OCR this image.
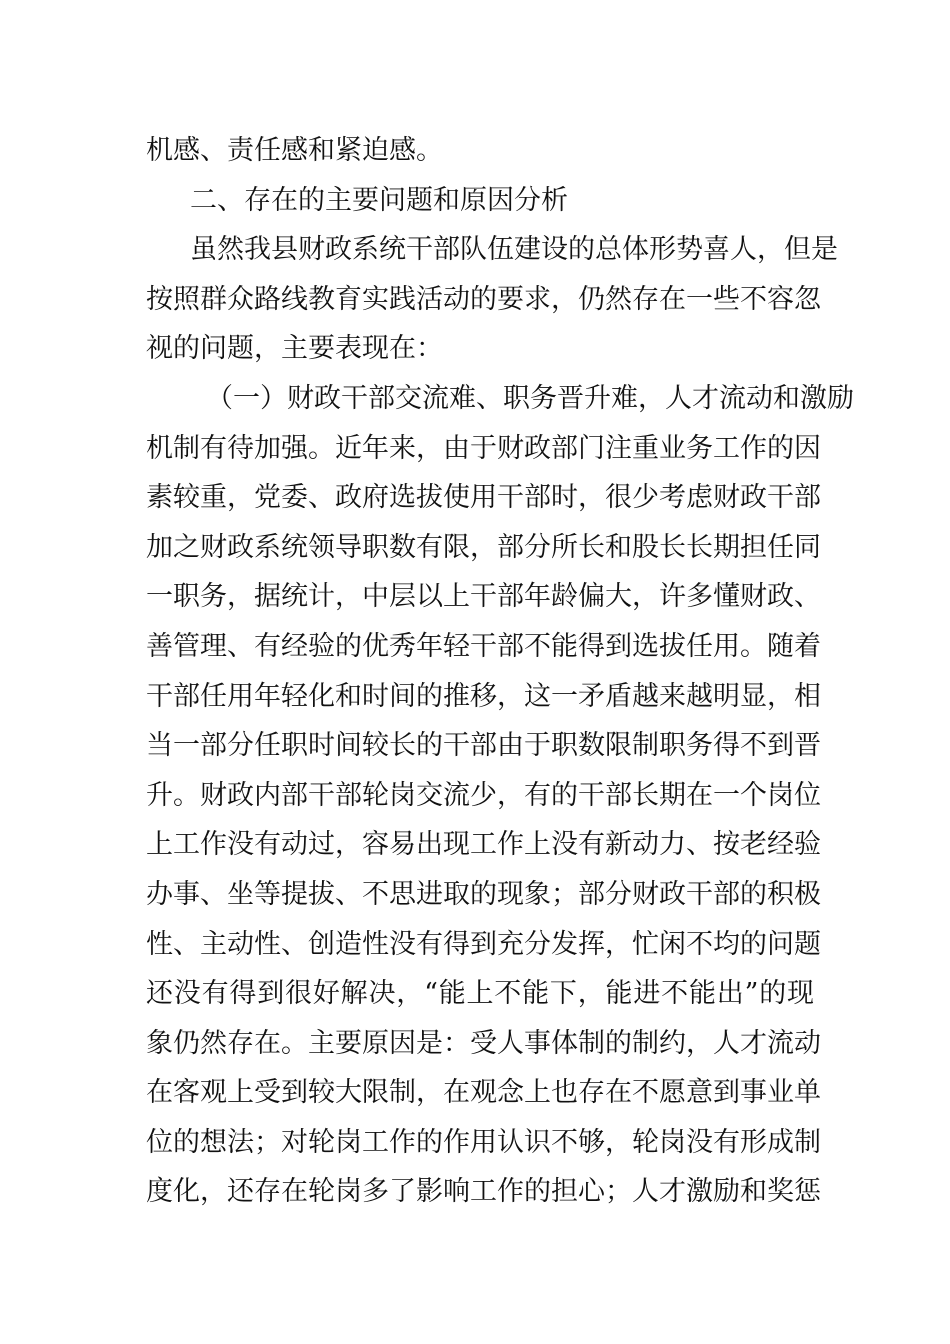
机感、责任感和紧迫感。
二、存在的主要问题和原因分析
虽然我县财政系统干部队伍建设的总体形势喜人，但是
按照群众路线教育实践活动的要求，仍然存在一些不容忽
视的问题，主要表现在：
（一）财政干部交流难、职务晋升难，人才流动和激励
机制有待加强。近年来，由于财政部门注重业务工作的因
素较重，党委、政府选拔使用干部时，很少考虑财政干部
加之财政系统领导职数有限，部分所长和股长长期担任同
一职务，据统计，中层以上干部年龄偏大，许多懂财政、
善管理、有经验的优秀年轻干部不能得到选拔任用。随着
干部任用年轻化和时间的推移，这一矛盾越来越明显，相
当一部分任职时间较长的干部由于职数限制职务得不到晋
升。财政内部干部轮岗交流少，有的干部长期在一个岗位
上工作没有动过，容易出现工作上没有新动力、按老经验
办事、坐等提拔、不思进取的现象；部分财政干部的积极
性、主动性、创造性没有得到充分发挥，忙闲不均的问题
还没有得到很好解决，“能上不能下，能进不能出”的现
象仍然存在。主要原因是：受人事体制的制约，人才流动
在客观上受到较大限制，在观念上也存在不愿意到事业单
位的想法；对轮岗工作的作用认识不够，轮岗没有形成制
度化，还存在轮岗多了影响工作的担心；人才激励和奖惩
